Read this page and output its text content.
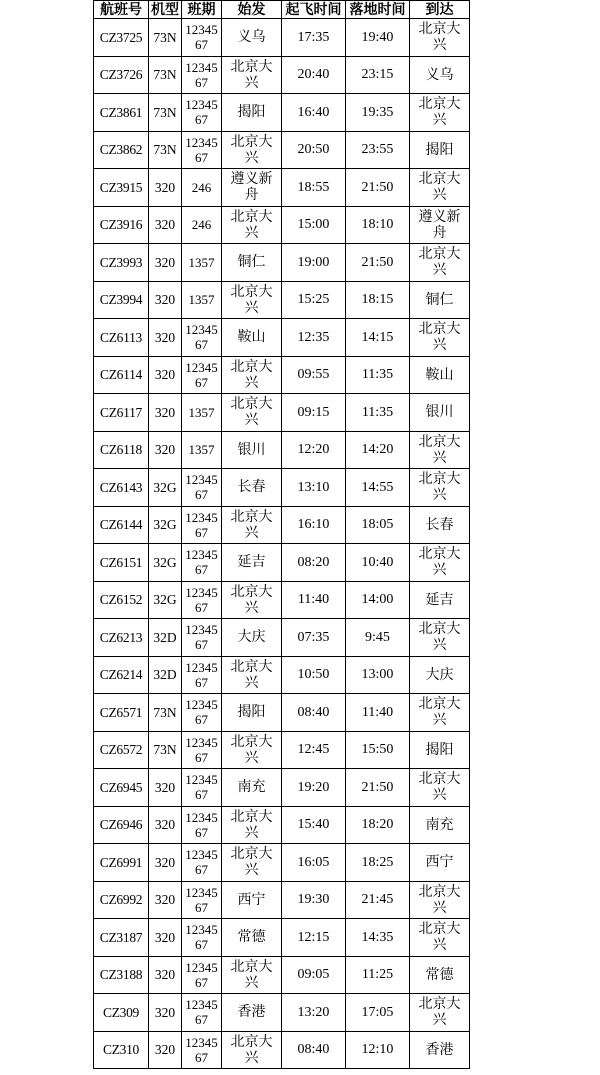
航班号	机型	班期	始发	起飞时间	落地时间	到达
CZ3725	73N	1234567	义乌	17:35	19:40	北京大兴

CZ3726	73N	1234567	北京大兴	20:40	23:15	义乌

CZ3861	73N	1234567	揭阳	16:40	19:35	北京大兴

CZ3862	73N	1234567	北京大兴	20:50	23:55	揭阳

CZ3915	320	246	遵义新舟	18:55	21:50	北京大兴

CZ3916	320	246	北京大兴	15:00	18:10	遵义新舟

CZ3993	320	1357	铜仁	19:00	21:50	北京大兴

CZ3994	320	1357	北京大兴	15:25	18:15	铜仁

CZ6113	320	1234567	鞍山	12:35	14:15	北京大兴

CZ6114	320	1234567	北京大兴	09:55	11:35	鞍山

CZ6117	320	1357	北京大兴	09:15	11:35	银川

CZ6118	320	1357	银川	12:20	14:20	北京大兴

CZ6143	32G	1234567	长春	13:10	14:55	北京大兴

CZ6144	32G	1234567	北京大兴	16:10	18:05	长春

CZ6151	32G	1234567	延吉	08:20	10:40	北京大兴

CZ6152	32G	1234567	北京大兴	11:40	14:00	延吉

CZ6213	32D	1234567	大庆	07:35	9:45	北京大兴

CZ6214	32D	1234567	北京大兴	10:50	13:00	大庆

CZ6571	73N	1234567	揭阳	08:40	11:40	北京大兴

CZ6572	73N	1234567	北京大兴	12:45	15:50	揭阳

CZ6945	320	1234567	南充	19:20	21:50	北京大兴

CZ6946	320	1234567	北京大兴	15:40	18:20	南充

CZ6991	320	1234567	北京大兴	16:05	18:25	西宁

CZ6992	320	1234567	西宁	19:30	21:45	北京大兴

CZ3187	320	1234567	常德	12:15	14:35	北京大兴

CZ3188	320	1234567	北京大兴	09:05	11:25	常德

CZ309	320	1234567	香港	13:20	17:05	北京大兴

CZ310	320	1234567	北京大兴	08:40	12:10	香港
